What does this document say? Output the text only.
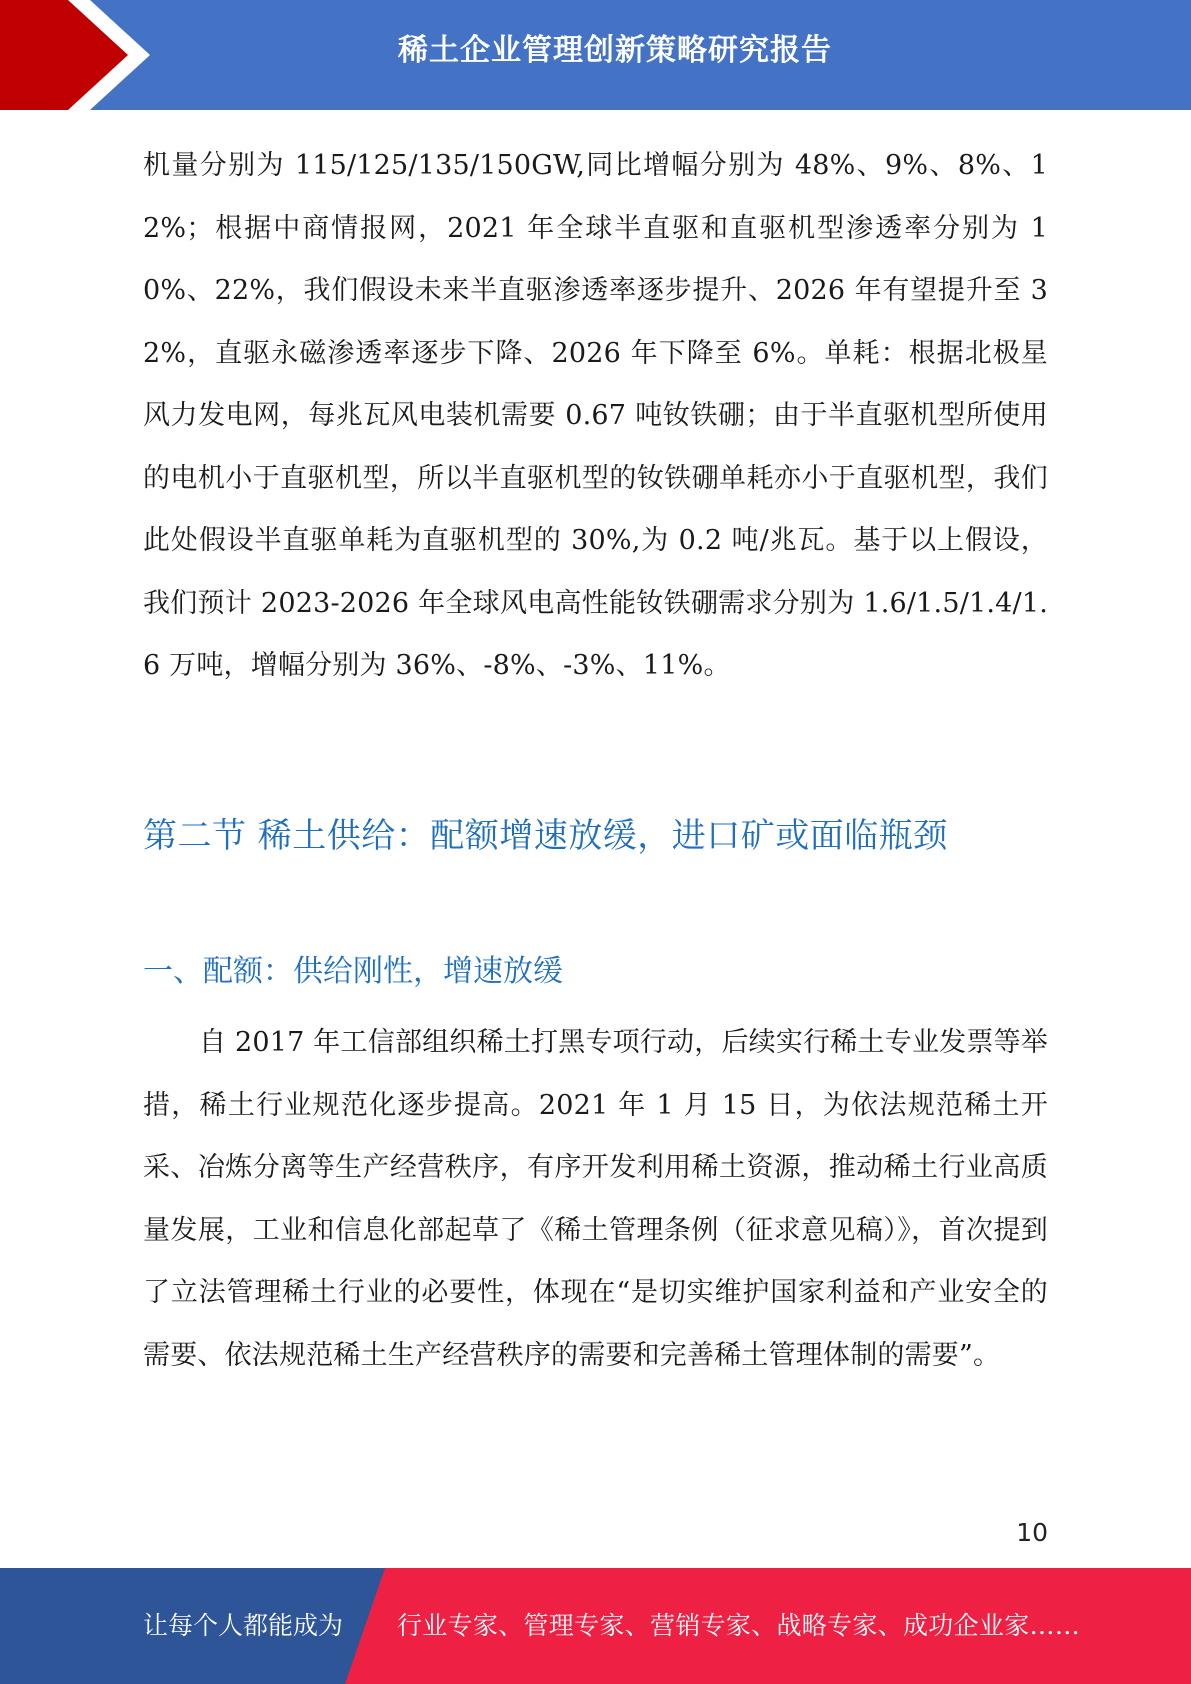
稀土企业管理创新策略研究报告

机量分别为 115/125/135/150GW,同比增幅分别为 48%、9%、8%、12%；根据中商情报网，2021 年全球半直驱和直驱机型渗透率分别为 10%、22%，我们假设未来半直驱渗透率逐步提升、2026 年有望提升至 32%，直驱永磁渗透率逐步下降、2026 年下降至 6%。单耗：根据北极星风力发电网，每兆瓦风电装机需要 0.67 吨钕铁硼；由于半直驱机型所使用的电机小于直驱机型，所以半直驱机型的钕铁硼单耗亦小于直驱机型，我们此处假设半直驱单耗为直驱机型的 30%,为 0.2 吨/兆瓦。基于以上假设，我们预计 2023-2026 年全球风电高性能钕铁硼需求分别为 1.6/1.5/1.4/1.6 万吨，增幅分别为 36%、-8%、-3%、11%。

第二节 稀土供给：配额增速放缓，进口矿或面临瓶颈
一、配额：供给刚性，增速放缓

自 2017 年工信部组织稀土打黑专项行动，后续实行稀土专业发票等举措，稀土行业规范化逐步提高。2021 年 1 月 15 日，为依法规范稀土开采、冶炼分离等生产经营秩序，有序开发利用稀土资源，推动稀土行业高质量发展，工业和信息化部起草了《稀土管理条例（征求意见稿）》，首次提到了立法管理稀土行业的必要性，体现在“是切实维护国家利益和产业安全的需要、依法规范稀土生产经营秩序的需要和完善稀土管理体制的需要”。

10
让每个人都能成为 行业专家、管理专家、营销专家、战略专家、成功企业家……
